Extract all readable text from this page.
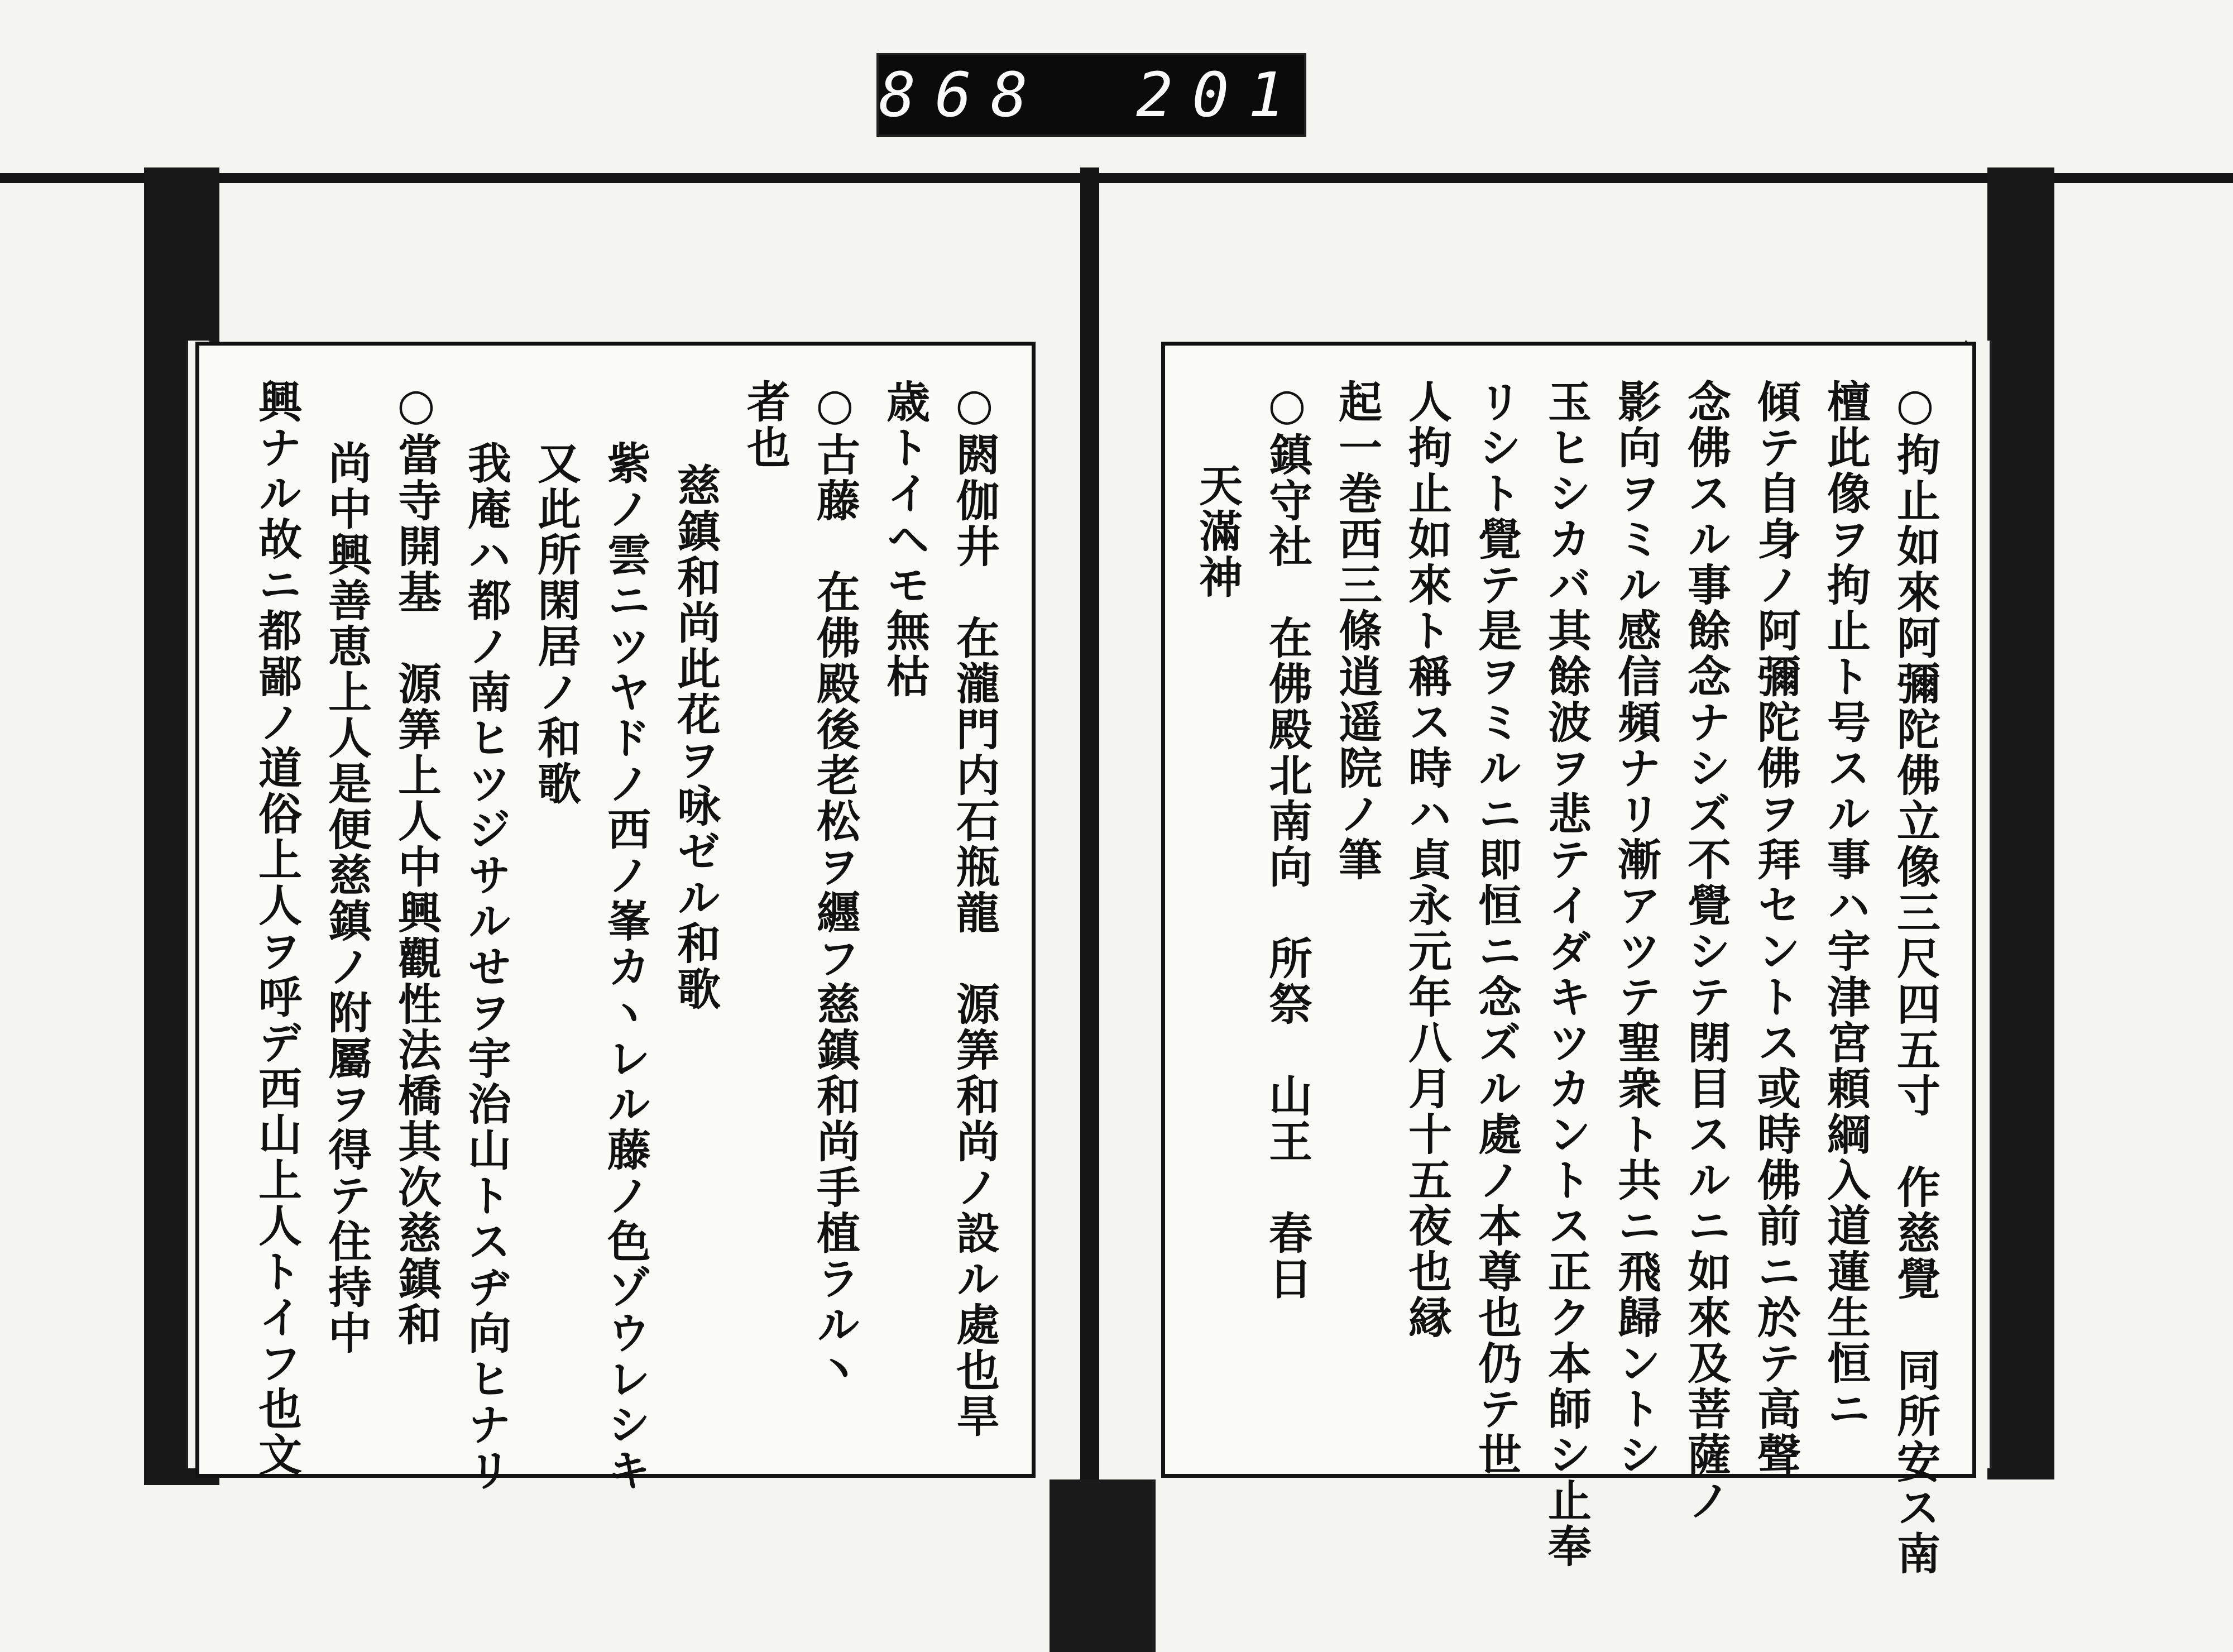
868 201
○閼伽井　在瀧門内石瓶龍　源筭和尚ノ設ル處也旱
歳トイヘモ無枯
○古藤　在佛殿後老松ヲ纒フ慈鎮和尚手植ラル丶
者也
慈鎮和尚此花ヲ咏ゼル和歌
紫ノ雲ニツヤドノ西ノ峯カヽレル藤ノ色ゾウレシキ
又此所閑居ノ和歌
我庵ハ都ノ南ヒツジサルせヲ宇治山トスヂ向ヒナリ
○當寺開基　源筭上人中興觀性法橋其次慈鎮和
尚中興善恵上人是便慈鎮ノ附屬ヲ得テ住持中
興ナル故ニ都鄙ノ道俗上人ヲ呼デ西山上人トイフ也文	○拘止如來阿彌陀佛立像三尺四五寸　作慈覺　同所安ス南
檀此像ヲ拘止ト号スル事ハ宇津宮頼綱入道蓮生恒ニ
傾テ自身ノ阿彌陀佛ヲ拜セントス或時佛前ニ於テ高聲
念佛スル事餘念ナシズ不覺シテ閉目スルニ如來及菩薩ノ
影向ヲミル感信頻ナリ漸アツテ聖衆ト共ニ飛歸ントシ
玉ヒシカバ其餘波ヲ悲テイダキツカントス正ク本師シ止奉
リシト覺テ是ヲミルニ即恒ニ念ズル處ノ本尊也仍テ世
人拘止如來ト稱ス時ハ貞永元年八月十五夜也縁
起一巻西三條逍遥院ノ筆
○鎮守社　在佛殿北南向　所祭　山王　春日
天滿神
